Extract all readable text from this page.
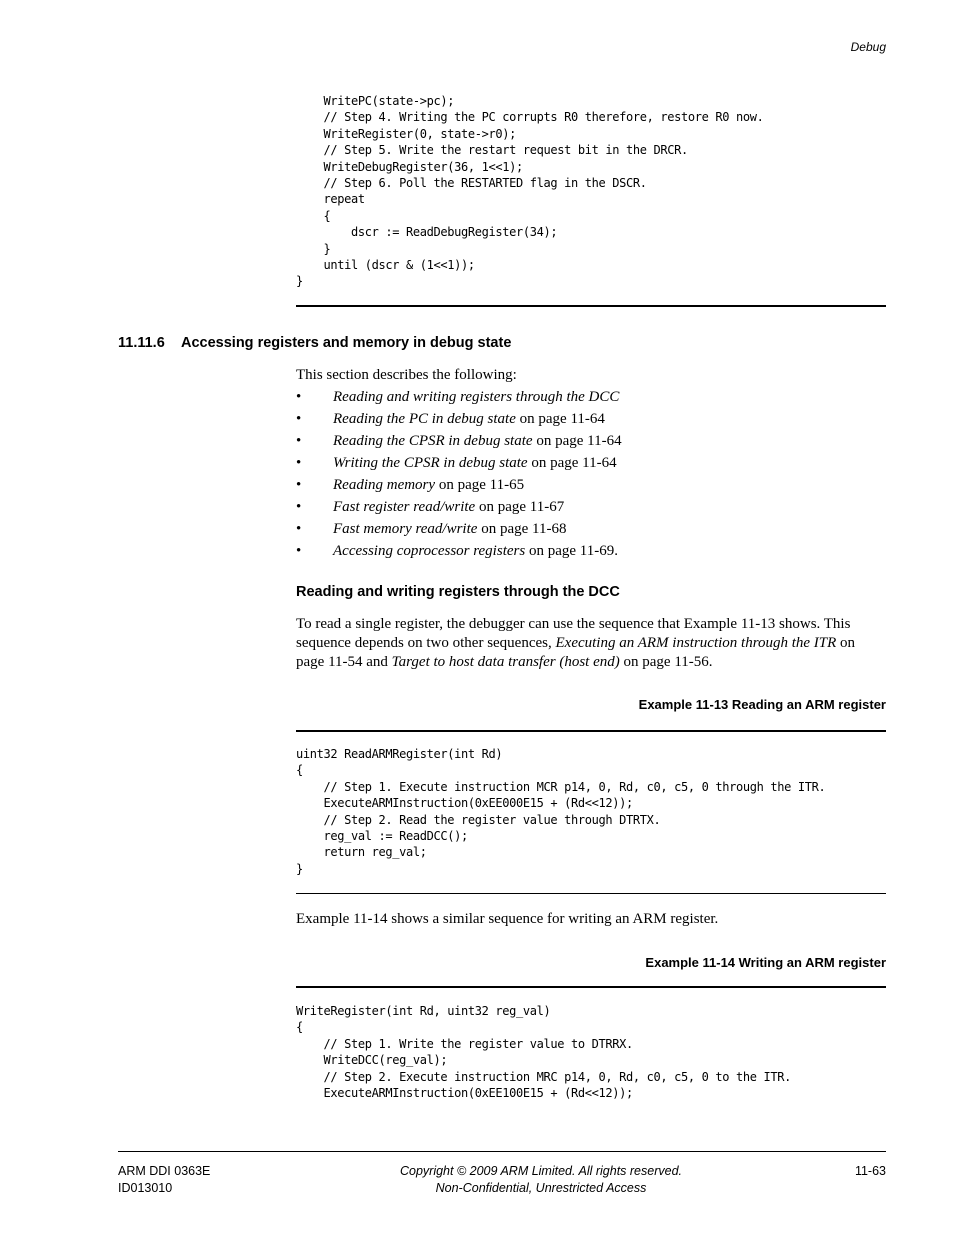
Debug
WritePC(state->pc);
// Step 4. Writing the PC corrupts R0 therefore, restore R0 now.
WriteRegister(0, state->r0);
// Step 5. Write the restart request bit in the DRCR.
WriteDebugRegister(36, 1<<1);
// Step 6. Poll the RESTARTED flag in the DSCR.
repeat
{
dscr := ReadDebugRegister(34);
}
until (dscr & (1<<1));
}
11.11.6 Accessing registers and memory in debug state
This section describes the following:
• Reading and writing registers through the DCC
• Reading the PC in debug state on page 11-64
• Reading the CPSR in debug state on page 11-64
• Writing the CPSR in debug state on page 11-64
• Reading memory on page 11-65
• Fast register read/write on page 11-67
• Fast memory read/write on page 11-68
• Accessing coprocessor registers on page 11-69.
Reading and writing registers through the DCC
To read a single register, the debugger can use the sequence that Example 11-13 shows. This
sequence depends on two other sequences, Executing an ARM instruction through the ITR on
page 11-54 and Target to host data transfer (host end) on page 11-56.
Example 11-13 Reading an ARM register
uint32 ReadARMRegister(int Rd)
{
// Step 1. Execute instruction MCR p14, 0, Rd, c0, c5, 0 through the ITR.
ExecuteARMInstruction(0xEE000E15 + (Rd<<12));
// Step 2. Read the register value through DTRTX.
reg_val := ReadDCC();
return reg_val;
}
Example 11-14 shows a similar sequence for writing an ARM register.
Example 11-14 Writing an ARM register
WriteRegister(int Rd, uint32 reg_val)
{
// Step 1. Write the register value to DTRRX.
WriteDCC(reg_val);
// Step 2. Execute instruction MRC p14, 0, Rd, c0, c5, 0 to the ITR.
ExecuteARMInstruction(0xEE100E15 + (Rd<<12));
ARM DDI 0363E
ID013010
Copyright © 2009 ARM Limited. All rights reserved.
Non-Confidential, Unrestricted Access
11-63
